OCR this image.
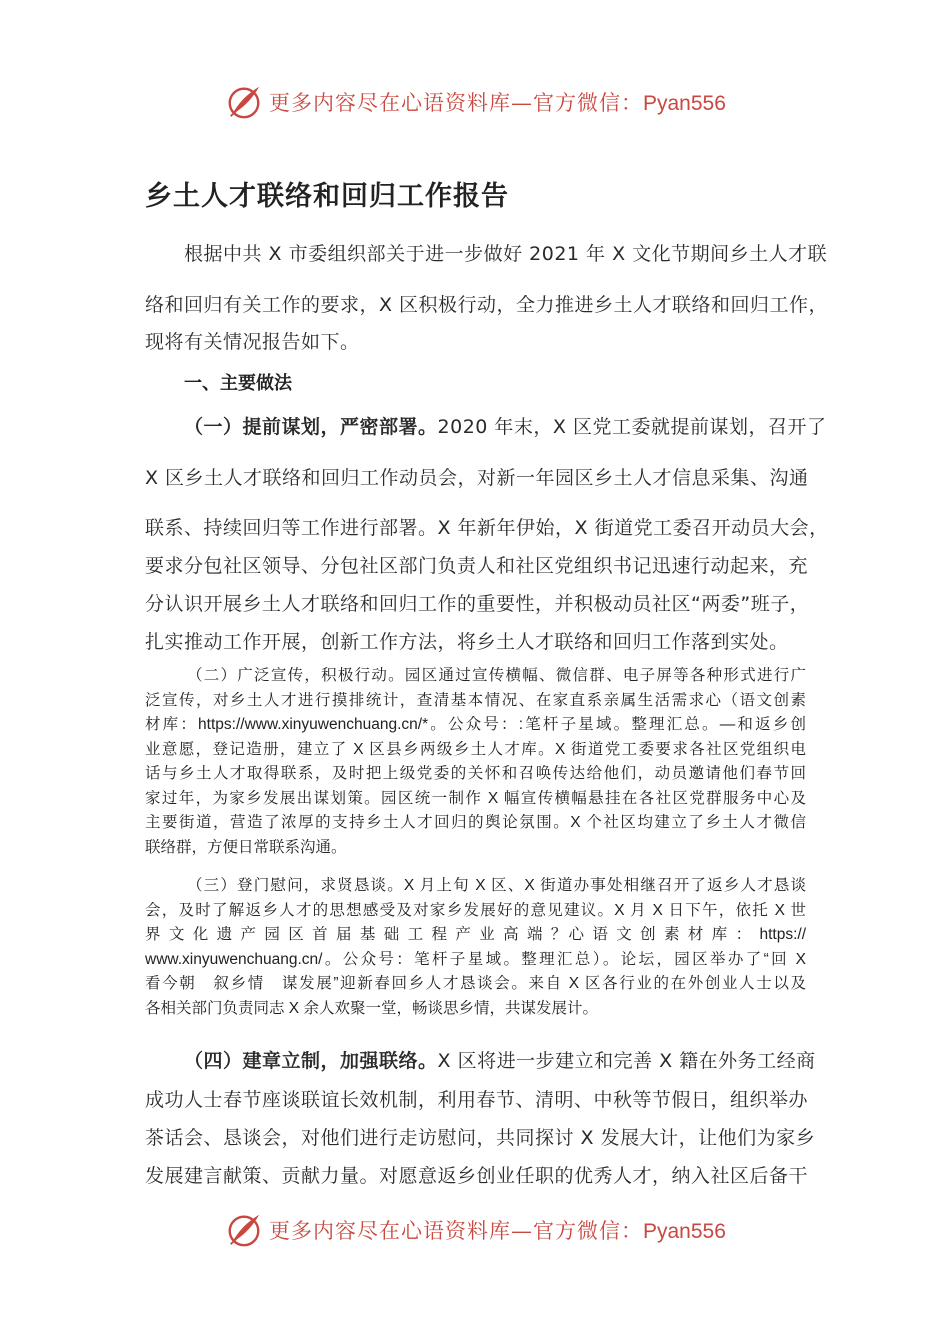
更多内容尽在心语资料库—官方微信：Pyan556
乡土人才联络和回归工作报告
根据中共 X 市委组织部关于进一步做好 2021 年 X 文化节期间乡土人才联
络和回归有关工作的要求，X 区积极行动，全力推进乡土人才联络和回归工作，
现将有关情况报告如下。
一、主要做法
（一）提前谋划，严密部署。2020 年末，X 区党工委就提前谋划，召开了
X 区乡土人才联络和回归工作动员会，对新一年园区乡土人才信息采集、沟通
联系、持续回归等工作进行部署。X 年新年伊始，X 街道党工委召开动员大会，
要求分包社区领导、分包社区部门负责人和社区党组织书记迅速行动起来，充
分认识开展乡土人才联络和回归工作的重要性，并积极动员社区“两委”班子，
扎实推动工作开展，创新工作方法，将乡土人才联络和回归工作落到实处。
（二）广泛宣传，积极行动。园区通过宣传横幅、微信群、电子屏等各种形式进行广
泛宣传，对乡土人才进行摸排统计，查清基本情况、在家直系亲属生活需求心（语文创素
材库：https://www.xinyuwenchuang.cn/*。公众号：:笔杆子星域。整理汇总。—和返乡创
业意愿，登记造册，建立了 X 区县乡两级乡土人才库。X 街道党工委要求各社区党组织电
话与乡土人才取得联系，及时把上级党委的关怀和召唤传达给他们，动员邀请他们春节回
家过年，为家乡发展出谋划策。园区统一制作 X 幅宣传横幅悬挂在各社区党群服务中心及
主要街道，营造了浓厚的支持乡土人才回归的舆论氛围。X 个社区均建立了乡土人才微信
联络群，方便日常联系沟通。
（三）登门慰问，求贤恳谈。X 月上旬 X 区、X 街道办事处相继召开了返乡人才恳谈
会，及时了解返乡人才的思想感受及对家乡发展好的意见建议。X 月 X 日下午，依托 X 世
界 文 化 遗 产 园 区 首 届 基 础 工 程 产 业 高 端 ？心 语 文 创 素 材 库 ： https://
www.xinyuwenchuang.cn/。公众号：笔杆子星域。整理汇总）。论坛，园区举办了“回 X
看今朝　叙乡情　谋发展”迎新春回乡人才恳谈会。来自 X 区各行业的在外创业人士以及
各相关部门负责同志 X 余人欢聚一堂，畅谈思乡情，共谋发展计。
（四）建章立制，加强联络。X 区将进一步建立和完善 X 籍在外务工经商
成功人士春节座谈联谊长效机制，利用春节、清明、中秋等节假日，组织举办
茶话会、恳谈会，对他们进行走访慰问，共同探讨 X 发展大计，让他们为家乡
发展建言献策、贡献力量。对愿意返乡创业任职的优秀人才，纳入社区后备干
更多内容尽在心语资料库—官方微信：Pyan556
